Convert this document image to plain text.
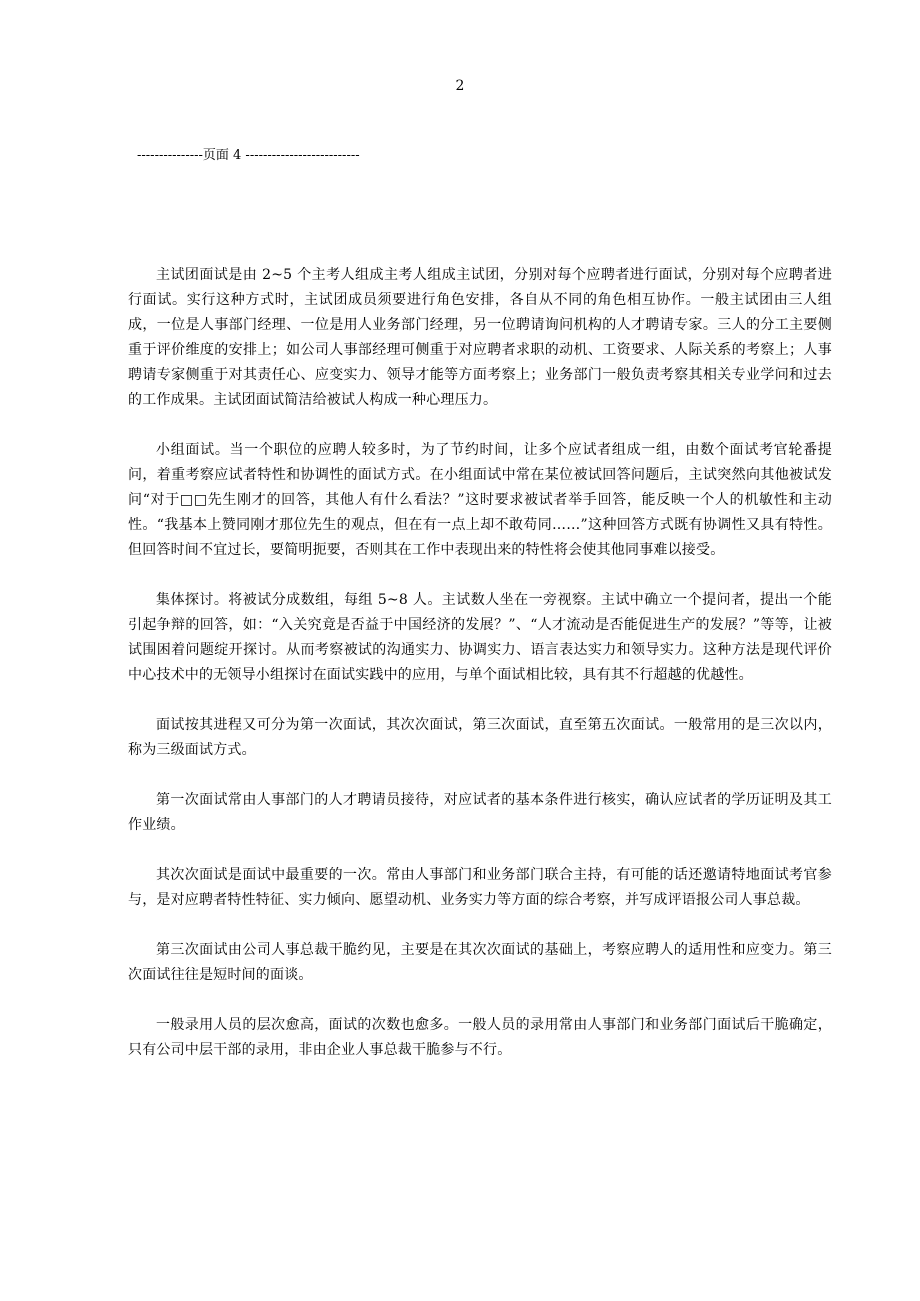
2
---------------页面 4 --------------------------

主试团面试是由 2~5 个主考人组成主考人组成主试团，分别对每个应聘者进行面试，分别对每个应聘者进行面试。实行这种方式时，主试团成员须要进行角色安排，各自从不同的角色相互协作。一般主试团由三人组成，一位是人事部门经理、一位是用人业务部门经理，另一位聘请询问机构的人才聘请专家。三人的分工主要侧重于评价维度的安排上；如公司人事部经理可侧重于对应聘者求职的动机、工资要求、人际关系的考察上；人事聘请专家侧重于对其责任心、应变实力、领导才能等方面考察上；业务部门一般负责考察其相关专业学问和过去的工作成果。主试团面试简洁给被试人构成一种心理压力。

小组面试。当一个职位的应聘人较多时，为了节约时间，让多个应试者组成一组，由数个面试考官轮番提问，着重考察应试者特性和协调性的面试方式。在小组面试中常在某位被试回答问题后，主试突然向其他被试发问“对于□□先生刚才的回答，其他人有什么看法？”这时要求被试者举手回答，能反映一个人的机敏性和主动性。“我基本上赞同刚才那位先生的观点，但在有一点上却不敢苟同……”这种回答方式既有协调性又具有特性。但回答时间不宜过长，要简明扼要，否则其在工作中表现出来的特性将会使其他同事难以接受。

集体探讨。将被试分成数组，每组 5~8 人。主试数人坐在一旁视察。主试中确立一个提问者，提出一个能引起争辩的回答，如：“入关究竟是否益于中国经济的发展？”、“人才流动是否能促进生产的发展？”等等，让被试围困着问题绽开探讨。从而考察被试的沟通实力、协调实力、语言表达实力和领导实力。这种方法是现代评价中心技术中的无领导小组探讨在面试实践中的应用，与单个面试相比较，具有其不行超越的优越性。

面试按其进程又可分为第一次面试，其次次面试，第三次面试，直至第五次面试。一般常用的是三次以内，称为三级面试方式。

第一次面试常由人事部门的人才聘请员接待，对应试者的基本条件进行核实，确认应试者的学历证明及其工作业绩。

其次次面试是面试中最重要的一次。常由人事部门和业务部门联合主持，有可能的话还邀请特地面试考官参与，是对应聘者特性特征、实力倾向、愿望动机、业务实力等方面的综合考察，并写成评语报公司人事总裁。

第三次面试由公司人事总裁干脆约见，主要是在其次次面试的基础上，考察应聘人的适用性和应变力。第三次面试往往是短时间的面谈。

一般录用人员的层次愈高，面试的次数也愈多。一般人员的录用常由人事部门和业务部门面试后干脆确定，只有公司中层干部的录用，非由企业人事总裁干脆参与不行。
